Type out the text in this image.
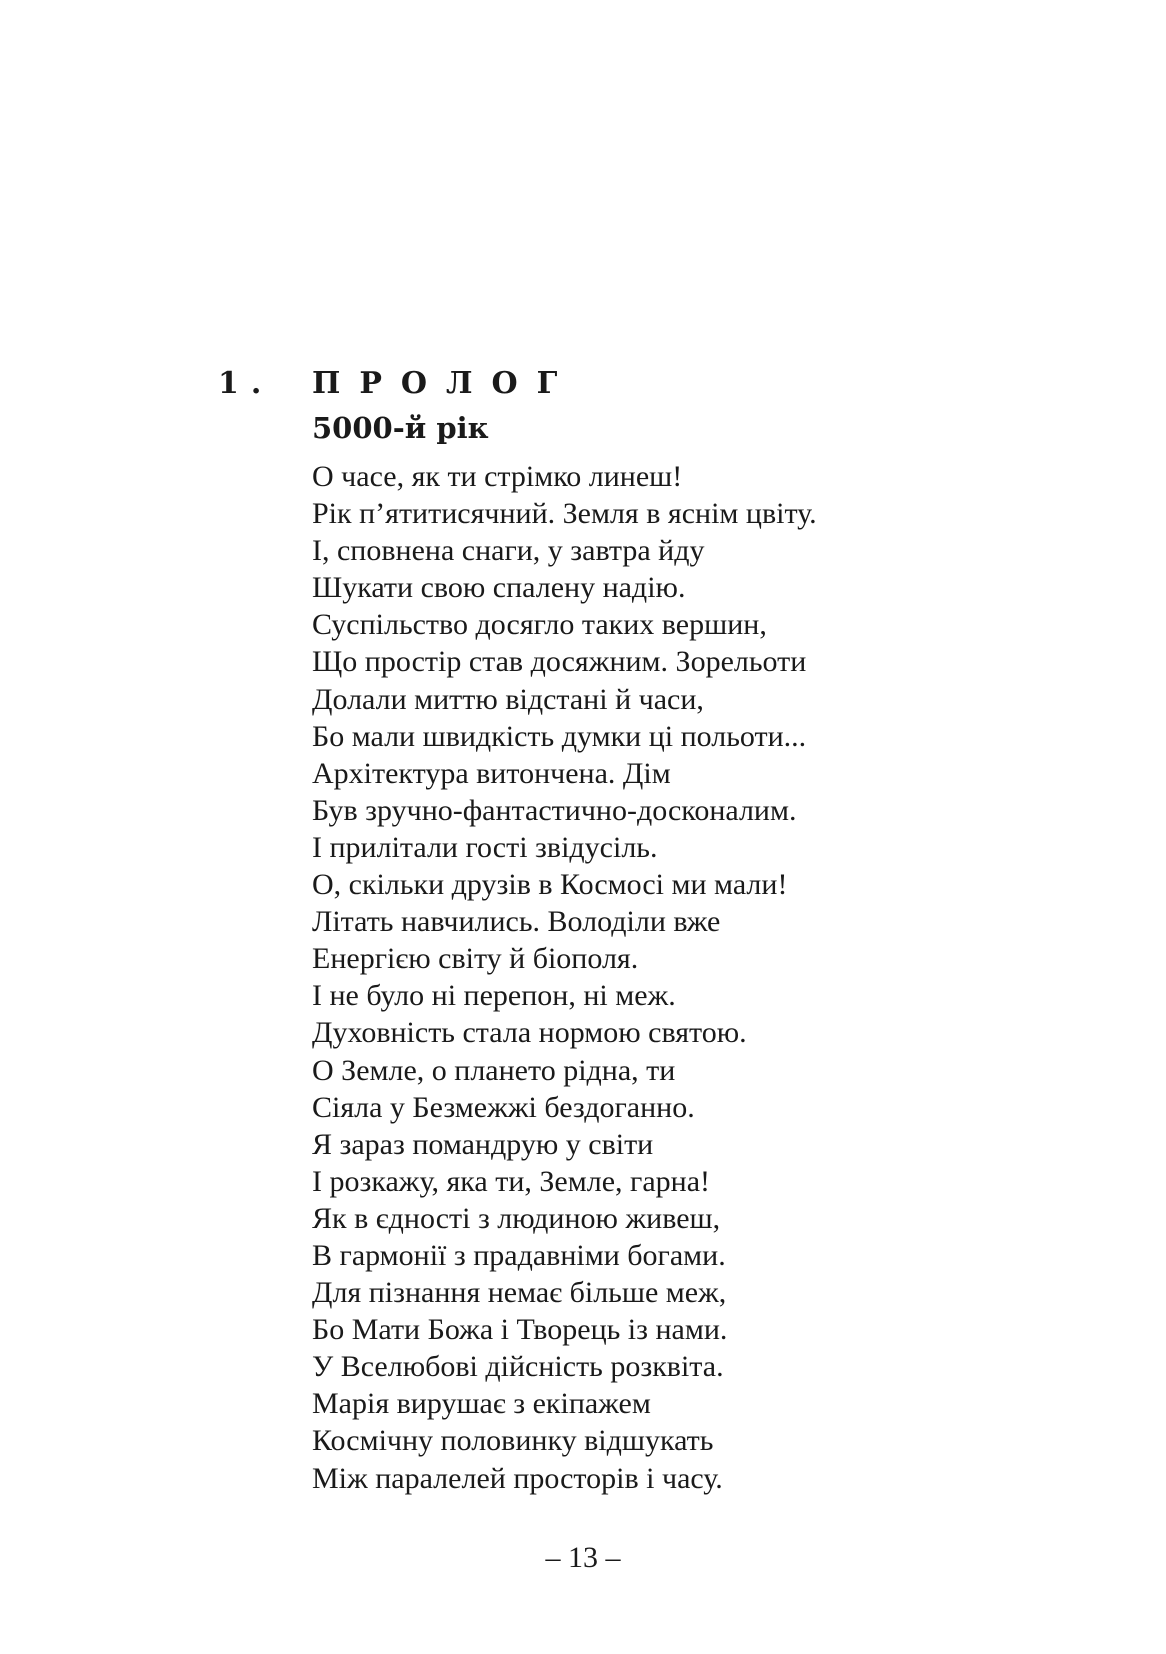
1. ПРОЛОГ
5000-й рік
О часе, як ти стрімко линеш!
Рік п’ятитисячний. Земля в яснім цвіту.
І, сповнена снаги, у завтра йду
Шукати свою спалену надію.
Суспільство досягло таких вершин,
Що простір став досяжним. Зорельоти
Долали миттю відстані й часи,
Бо мали швидкість думки ці польоти...
Архітектура витончена. Дім
Був зручно-фантастично-досконалим.
І прилітали гості звідусіль.
О, скільки друзів в Космосі ми мали!
Літать навчились. Володіли вже
Енергією світу й біополя.
І не було ні перепон, ні меж.
Духовність стала нормою святою.
О Земле, о плането рідна, ти
Сіяла у Безмежжі бездоганно.
Я зараз помандрую у світи
І розкажу, яка ти, Земле, гарна!
Як в єдності з людиною живеш,
В гармонії з прадавніми богами.
Для пізнання немає більше меж,
Бо Мати Божа і Творець із нами.
У Вселюбові дійсність розквіта.
Марія вирушає з екіпажем
Космічну половинку відшукать
Між паралелей просторів і часу.
– 13 –
